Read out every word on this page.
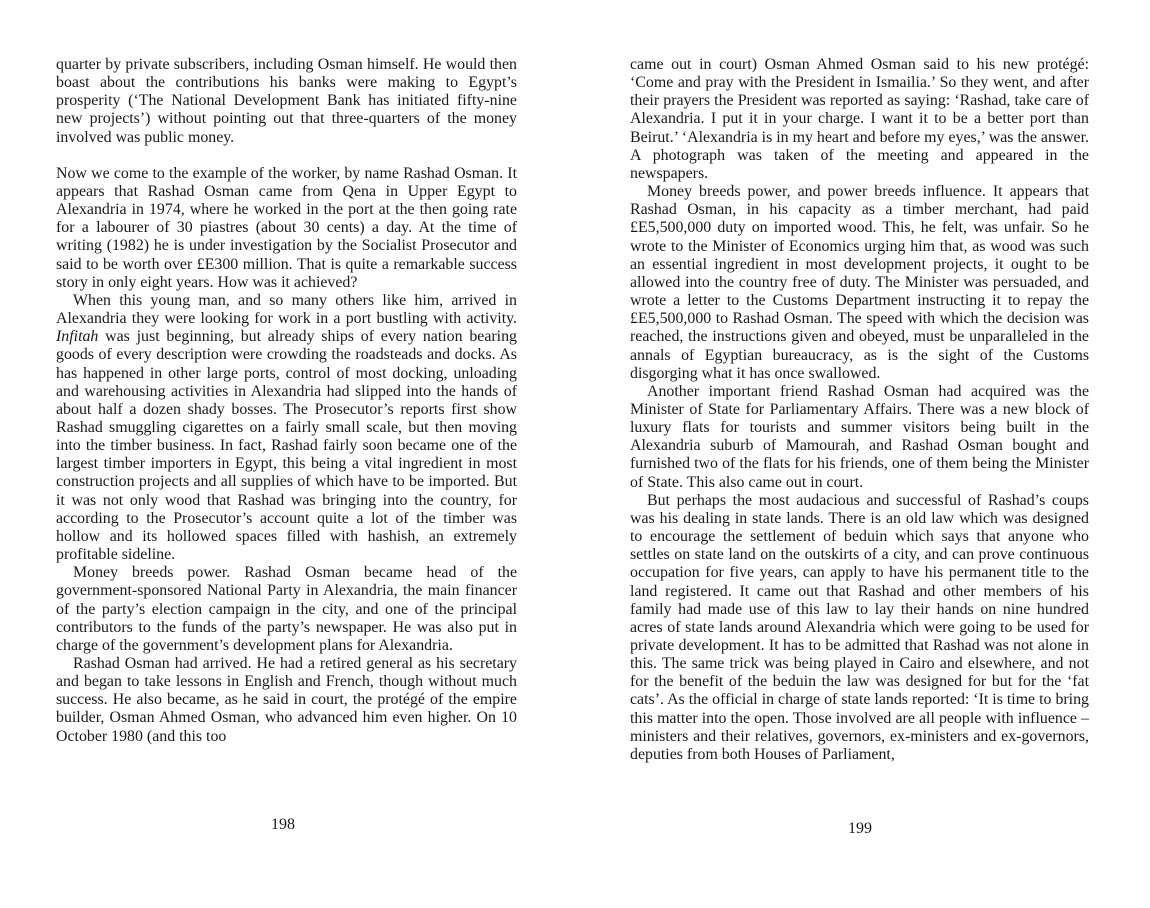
quarter by private subscribers, including Osman himself. He would then boast about the contributions his banks were making to Egypt’s prosperity (‘The National Development Bank has initiated fifty-nine new projects’) without pointing out that three-quarters of the money involved was public money.

Now we come to the example of the worker, by name Rashad Osman. It appears that Rashad Osman came from Qena in Upper Egypt to Alexandria in 1974, where he worked in the port at the then going rate for a labourer of 30 piastres (about 30 cents) a day. At the time of writing (1982) he is under investigation by the Socialist Prosecutor and said to be worth over £E300 million. That is quite a remarkable success story in only eight years. How was it achieved?

When this young man, and so many others like him, arrived in Alexandria they were looking for work in a port bustling with activity. Infitah was just beginning, but already ships of every nation bearing goods of every description were crowding the roadsteads and docks. As has happened in other large ports, control of most docking, unloading and warehousing activities in Alexandria had slipped into the hands of about half a dozen shady bosses. The Prosecutor’s reports first show Rashad smuggling cigarettes on a fairly small scale, but then moving into the timber business. In fact, Rashad fairly soon became one of the largest timber importers in Egypt, this being a vital ingredient in most construction projects and all supplies of which have to be imported. But it was not only wood that Rashad was bringing into the country, for according to the Prosecutor’s account quite a lot of the timber was hollow and its hollowed spaces filled with hashish, an extremely profitable sideline.

Money breeds power. Rashad Osman became head of the government-sponsored National Party in Alexandria, the main financer of the party’s election campaign in the city, and one of the principal contributors to the funds of the party’s newspaper. He was also put in charge of the government’s development plans for Alexandria.

Rashad Osman had arrived. He had a retired general as his secretary and began to take lessons in English and French, though without much success. He also became, as he said in court, the protégé of the empire builder, Osman Ahmed Osman, who advanced him even higher. On 10 October 1980 (and this too

198

came out in court) Osman Ahmed Osman said to his new protégé: ‘Come and pray with the President in Ismailia.’ So they went, and after their prayers the President was reported as saying: ‘Rashad, take care of Alexandria. I put it in your charge. I want it to be a better port than Beirut.’ ‘Alexandria is in my heart and before my eyes,’ was the answer. A photograph was taken of the meeting and appeared in the newspapers.

Money breeds power, and power breeds influence. It appears that Rashad Osman, in his capacity as a timber merchant, had paid £E5,500,000 duty on imported wood. This, he felt, was unfair. So he wrote to the Minister of Economics urging him that, as wood was such an essential ingredient in most development projects, it ought to be allowed into the country free of duty. The Minister was persuaded, and wrote a letter to the Customs Department instructing it to repay the £E5,500,000 to Rashad Osman. The speed with which the decision was reached, the instructions given and obeyed, must be unparalleled in the annals of Egyptian bureaucracy, as is the sight of the Customs disgorging what it has once swallowed.

Another important friend Rashad Osman had acquired was the Minister of State for Parliamentary Affairs. There was a new block of luxury flats for tourists and summer visitors being built in the Alexandria suburb of Mamourah, and Rashad Osman bought and furnished two of the flats for his friends, one of them being the Minister of State. This also came out in court.

But perhaps the most audacious and successful of Rashad’s coups was his dealing in state lands. There is an old law which was designed to encourage the settlement of beduin which says that anyone who settles on state land on the outskirts of a city, and can prove continuous occupation for five years, can apply to have his permanent title to the land registered. It came out that Rashad and other members of his family had made use of this law to lay their hands on nine hundred acres of state lands around Alexandria which were going to be used for private development. It has to be admitted that Rashad was not alone in this. The same trick was being played in Cairo and elsewhere, and not for the benefit of the beduin the law was designed for but for the ‘fat cats’. As the official in charge of state lands reported: ‘It is time to bring this matter into the open. Those involved are all people with influence – ministers and their relatives, governors, ex-ministers and ex-governors, deputies from both Houses of Parliament,

199
